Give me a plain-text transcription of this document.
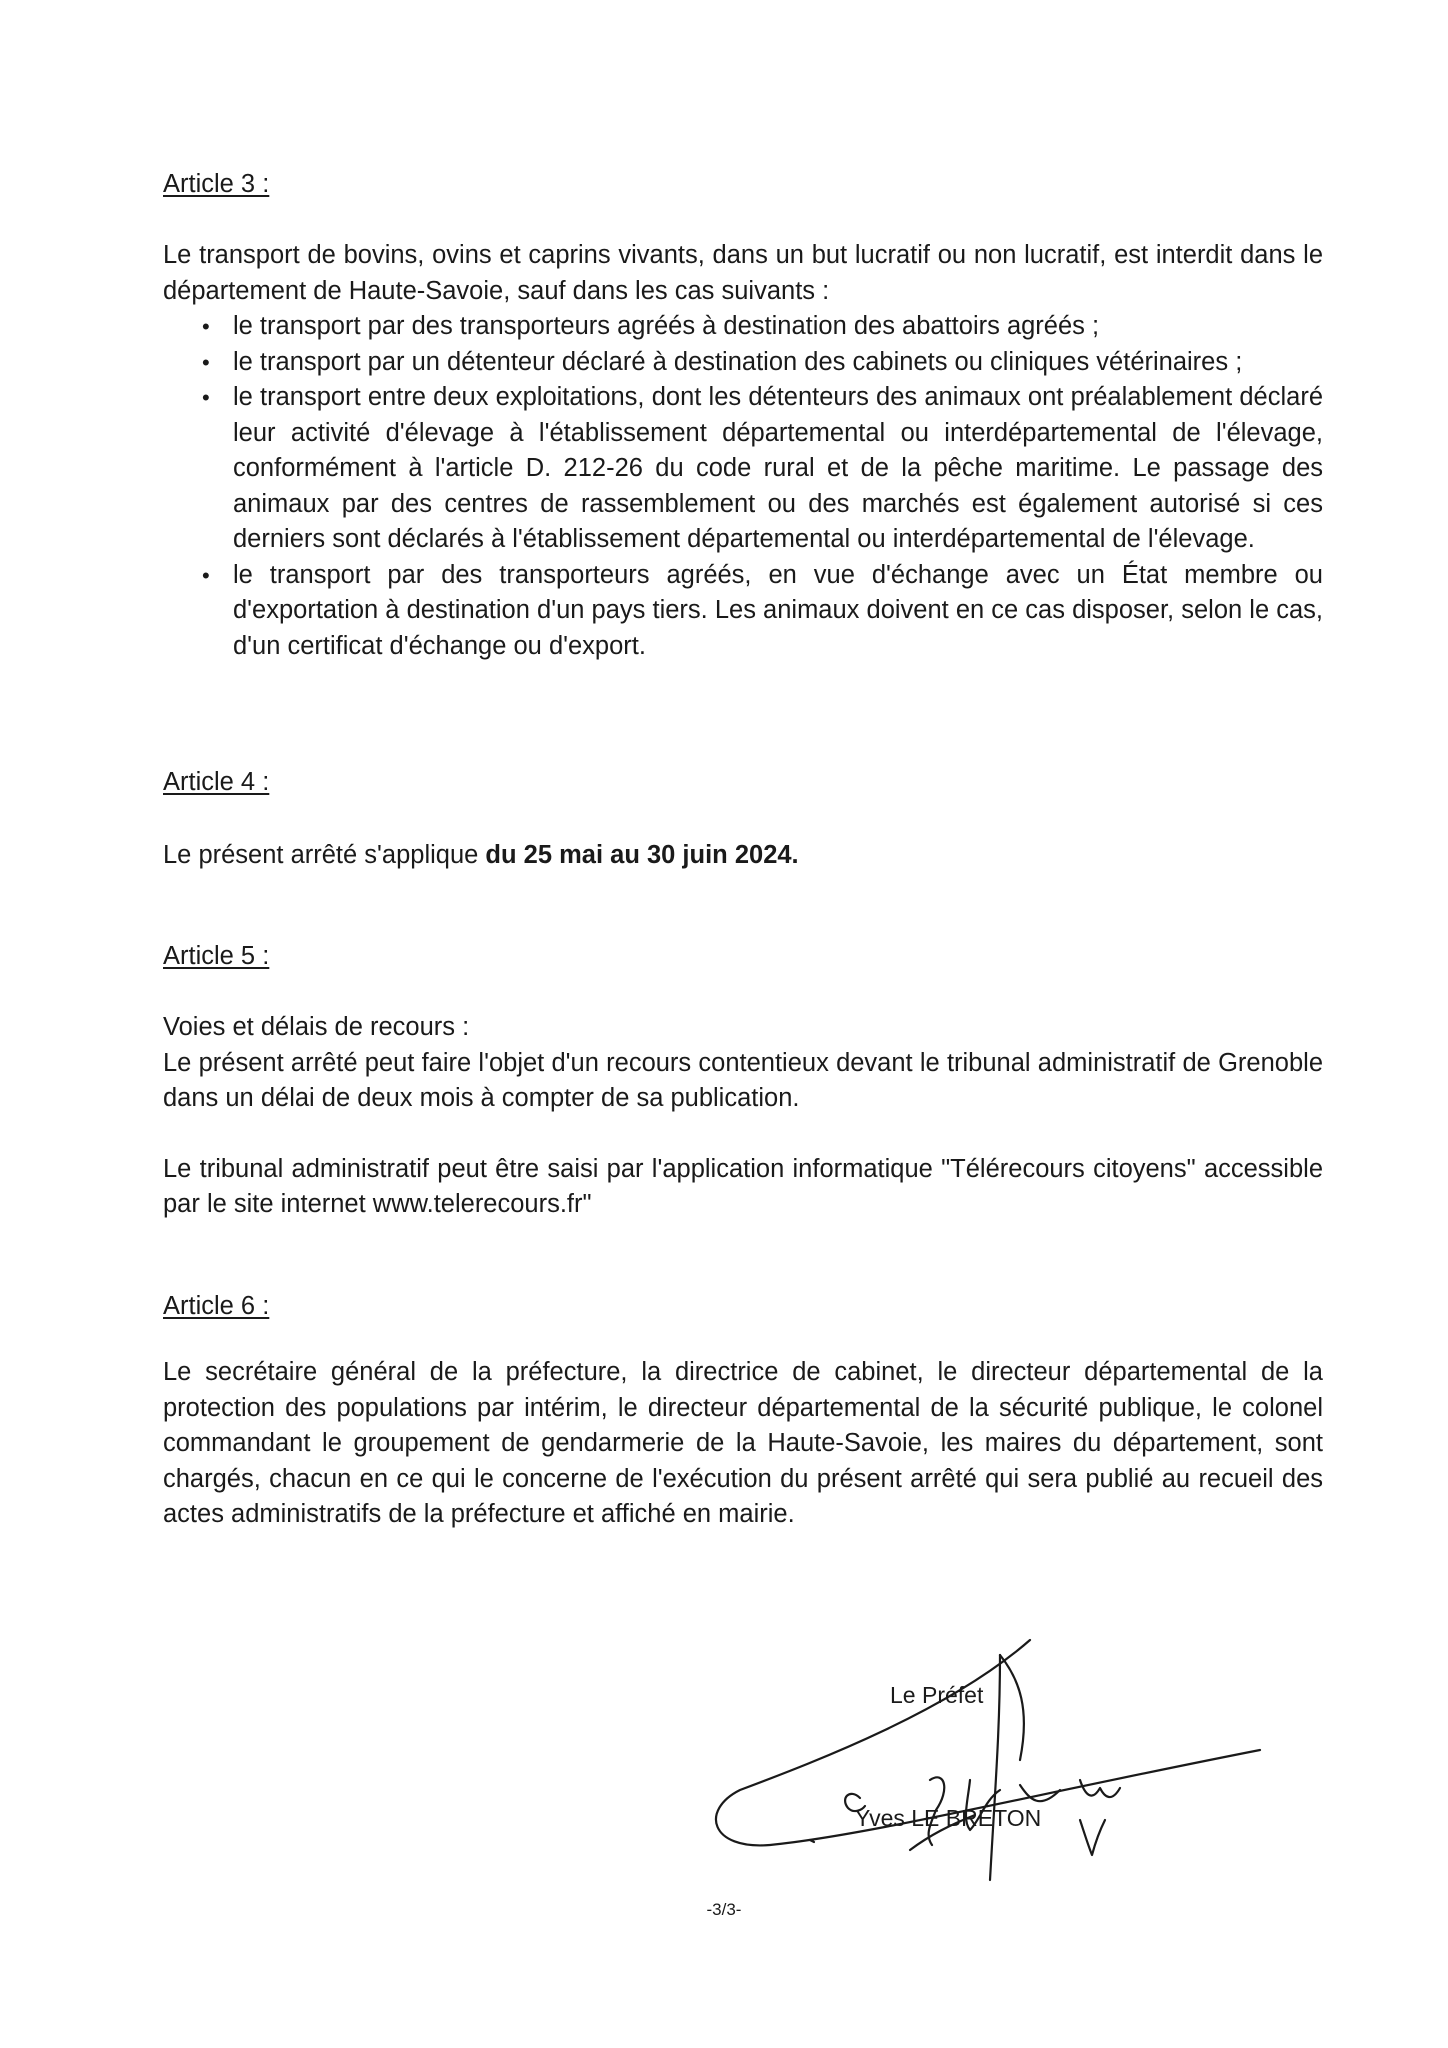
Article 3 :

Le transport de bovins, ovins et caprins vivants, dans un but lucratif ou non lucratif, est interdit dans le département de Haute-Savoie, sauf dans les cas suivants :

• le transport par des transporteurs agréés à destination des abattoirs agréés ;
• le transport par un détenteur déclaré à destination des cabinets ou cliniques vétérinaires ;
• le transport entre deux exploitations, dont les détenteurs des animaux ont préalablement déclaré leur activité d'élevage à l'établissement départemental ou interdépartemental de l'élevage, conformément à l'article D. 212-26 du code rural et de la pêche maritime. Le passage des animaux par des centres de rassemblement ou des marchés est également autorisé si ces derniers sont déclarés à l'établissement départemental ou interdépartemental de l'élevage.
• le transport par des transporteurs agréés, en vue d'échange avec un État membre ou d'exportation à destination d'un pays tiers. Les animaux doivent en ce cas disposer, selon le cas, d'un certificat d'échange ou d'export.
Article 4 :

Le présent arrêté s'applique du 25 mai au 30 juin 2024.

Article 5 :

Voies et délais de recours :

Le présent arrêté peut faire l'objet d'un recours contentieux devant le tribunal administratif de Grenoble dans un délai de deux mois à compter de sa publication.

Le tribunal administratif peut être saisi par l'application informatique "Télérecours citoyens" accessible par le site internet www.telerecours.fr"

Article 6 :

Le secrétaire général de la préfecture, la directrice de cabinet, le directeur départemental de la protection des populations par intérim, le directeur départemental de la sécurité publique, le colonel commandant le groupement de gendarmerie de la Haute-Savoie, les maires du département, sont chargés, chacun en ce qui le concerne de l'exécution du présent arrêté qui sera publié au recueil des actes administratifs de la préfecture et affiché en mairie.

Le Préfet
Yves LE BRETON
-3/3-
